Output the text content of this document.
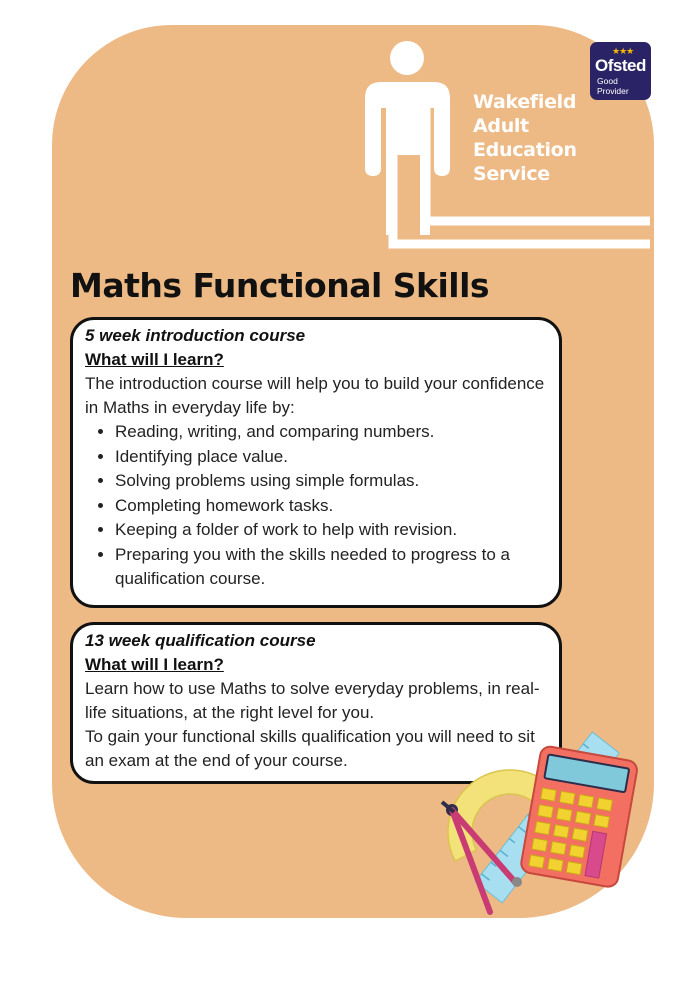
Wakefield
Adult
Education
Service
★★★
Ofsted
Good
Provider
Maths Functional Skills
5 week introduction course
What will I learn?
The introduction course will help you to build your confidence in Maths in everyday life by:
• Reading, writing, and comparing numbers.
• Identifying place value.
• Solving problems using simple formulas.
• Completing homework tasks.
• Keeping a folder of work to help with revision.
• Preparing you with the skills needed to progress to a qualification course.
13 week qualification course
What will I learn?
Learn how to use Maths to solve everyday problems, in real-life situations, at the right level for you.
To gain your functional skills qualification you will need to sit an exam at the end of your course.
